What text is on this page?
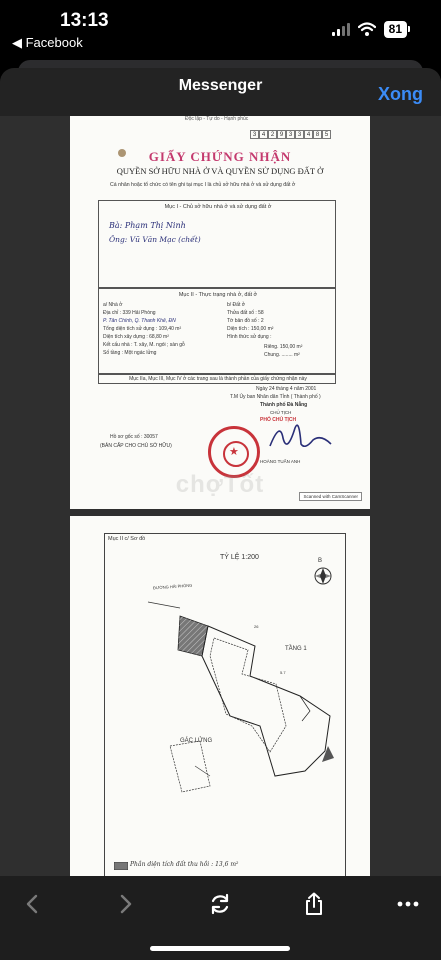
13:13
◀ Facebook
81
Messenger	Xong
Độc lập - Tự do - Hạnh phúc
3 4 2 9 3 3 4 8 5
GIẤY CHỨNG NHẬN
QUYỀN SỞ HỮU NHÀ Ở VÀ QUYỀN SỬ DỤNG ĐẤT Ở
Cá nhân hoặc tổ chức có tên ghi tại mục I là chủ sở hữu nhà ở và sử dụng đất ở
Mục I - Chủ sở hữu nhà ở và sử dụng đất ở
Bà: Phạm Thị Ninh
Ông: Vũ Văn Mạc (chết)
Mục II - Thực trạng nhà ở, đất ở
a/ Nhà ở
Địa chỉ : 339 Hải Phòng
P. Tân Chính, Q. Thanh Khê, ĐN
Tổng diện tích sử dụng : 109,40 m²
Diện tích xây dựng : 68,80 m²
Kết cấu nhà : T. xây, M. ngói ; sàn gỗ
Số tầng : Một ngác lửng
b/ Đất ở
Thửa đất số : 58
Tờ bản đồ số : 2
Diện tích : 150,00 m²
Hình thức sử dụng :
Riêng. 150,00 m²
Chung. ........ m²
Mục IIa, Mục III, Mục IV ở các trang sau là thành phần của giấy chứng nhận này
Ngày 24 tháng 4 năm 2001
T.M Ủy ban Nhân dân Tỉnh ( Thành phố )
Thành phố Đà Nẵng
CHỦ TỊCH
PHÓ CHỦ TỊCH
★
HOÀNG TUẤN ANH
Hồ sơ gốc số : 30057
(BẢN CẤP CHO CHỦ SỞ HỮU)
chợTốt	Scanned with CamScanner
Mục II c/ Sơ đồ
TỶ LỆ 1:200	B
ĐƯỜNG HẢI PHÒNG
26
5.7
TẦNG 1
GÁC LỬNG
Phần diện tích đất thu hồi : 13,6 m²
